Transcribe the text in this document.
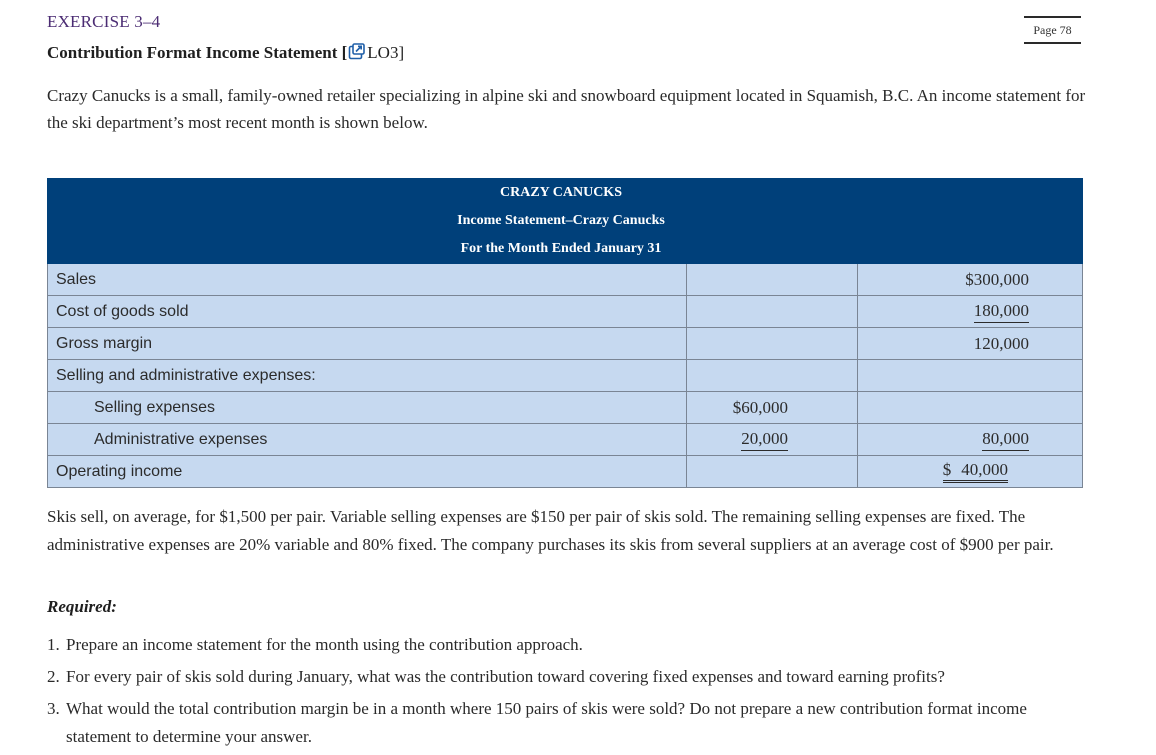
EXERCISE 3–4	Page 78
Contribution Format Income Statement [ LO3]
Crazy Canucks is a small, family-owned retailer specializing in alpine ski and snowboard equipment located in Squamish, B.C. An income statement for the ski department’s most recent month is shown below.
CRAZY CANUCKS
Income Statement–Crazy Canucks
For the Month Ended January 31		

Sales		$300,000
Cost of goods sold		180,000
Gross margin		120,000
Selling and administrative expenses:		
Selling expenses	$60,000	
Administrative expenses	20,000	80,000
Operating income		$ 40,000
Skis sell, on average, for $1,500 per pair. Variable selling expenses are $150 per pair of skis sold. The remaining selling expenses are fixed. The administrative expenses are 20% variable and 80% fixed. The company purchases its skis from several suppliers at an average cost of $900 per pair.
Required:
1. Prepare an income statement for the month using the contribution approach.
2. For every pair of skis sold during January, what was the contribution toward covering fixed expenses and toward earning profits?
3. What would the total contribution margin be in a month where 150 pairs of skis were sold? Do not prepare a new contribution format income statement to determine your answer.
